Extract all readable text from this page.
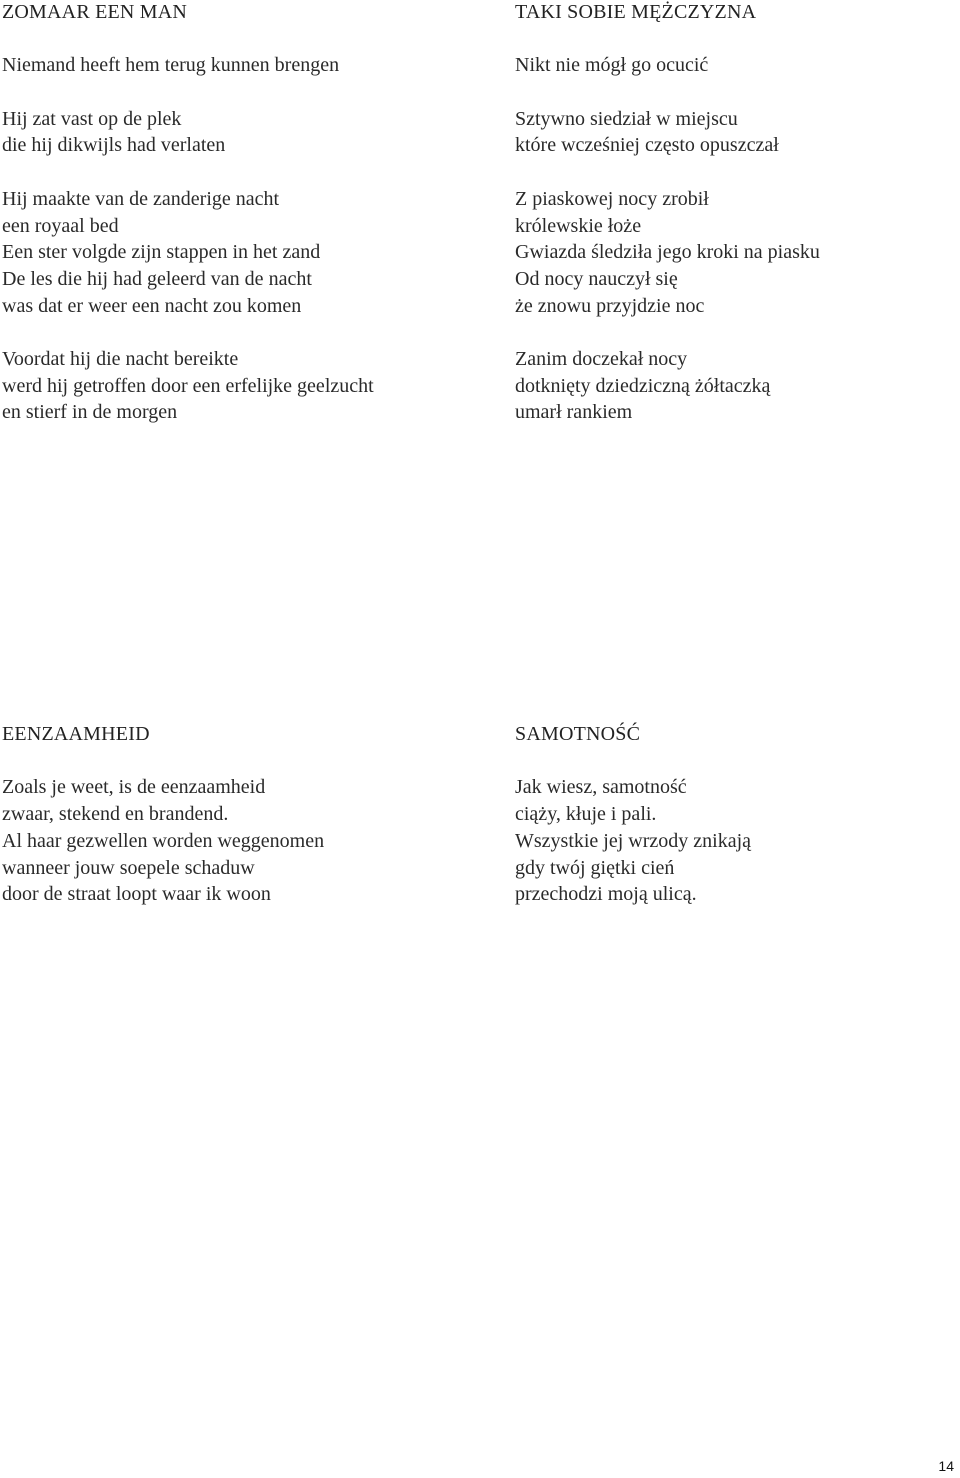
ZOMAAR EEN MAN
Niemand heeft hem terug kunnen brengen
Hij zat vast op de plek
die hij dikwijls had verlaten
Hij maakte van de zanderige nacht
een royaal bed
Een ster volgde zijn stappen in het zand
De les die hij had geleerd van de nacht
was dat er weer een nacht zou komen
Voordat hij die nacht bereikte
werd hij getroffen door een erfelijke geelzucht
en stierf in de morgen
TAKI SOBIE MĘŻCZYZNA
Nikt nie mógł go ocucić
Sztywno siedział w miejscu
które wcześniej często opuszczał
Z piaskowej nocy zrobił
królewskie łoże
Gwiazda śledziła jego kroki na piasku
Od nocy nauczył się
że znowu przyjdzie noc
Zanim doczekał nocy
dotknięty dziedziczną żółtaczką
umarł rankiem
EENZAAMHEID
Zoals je weet, is de eenzaamheid
zwaar, stekend en brandend.
Al haar gezwellen worden weggenomen
wanneer jouw soepele schaduw
door de straat loopt waar ik woon
SAMOTNOŚĆ
Jak wiesz, samotność
ciąży, kłuje i pali.
Wszystkie jej wrzody znikają
gdy twój giętki cień
przechodzi moją ulicą.
14
